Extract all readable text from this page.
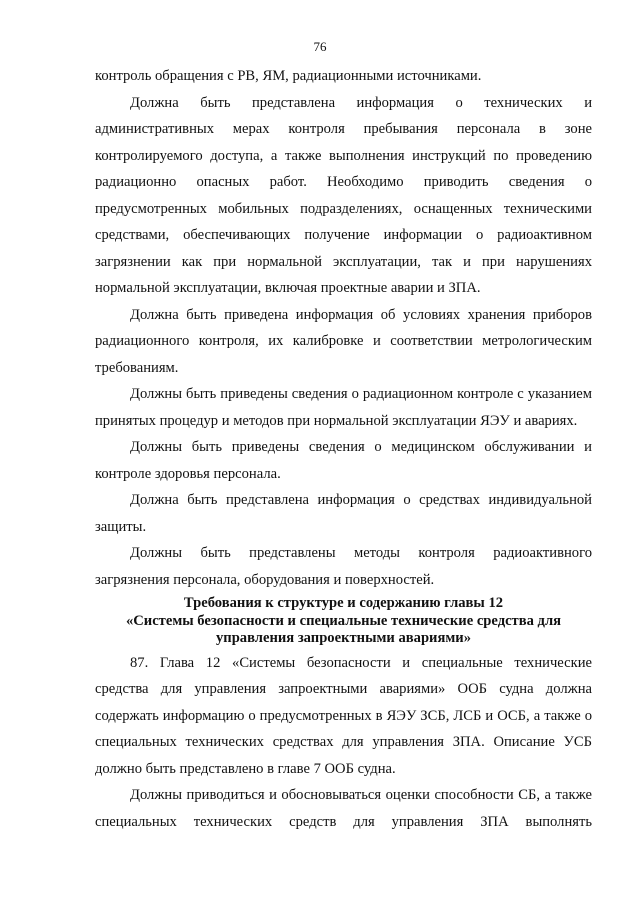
76

контроль обращения с РВ, ЯМ, радиационными источниками.

Должна быть представлена информация о технических и административных мерах контроля пребывания персонала в зоне контролируемого доступа, а также выполнения инструкций по проведению радиационно опасных работ. Необходимо приводить сведения о предусмотренных мобильных подразделениях, оснащенных техническими средствами, обеспечивающих получение информации о радиоактивном загрязнении как при нормальной эксплуатации, так и при нарушениях нормальной эксплуатации, включая проектные аварии и ЗПА.

Должна быть приведена информация об условиях хранения приборов радиационного контроля, их калибровке и соответствии метрологическим требованиям.

Должны быть приведены сведения о радиационном контроле с указанием принятых процедур и методов при нормальной эксплуатации ЯЭУ и авариях.

Должны быть приведены сведения о медицинском обслуживании и контроле здоровья персонала.

Должна быть представлена информация о средствах индивидуальной защиты.

Должны быть представлены методы контроля радиоактивного загрязнения персонала, оборудования и поверхностей.

Требования к структуре и содержанию главы 12
«Системы безопасности и специальные технические средства для
управления запроектными авариями»

87. Глава 12 «Системы безопасности и специальные технические средства для управления запроектными авариями» ООБ судна должна содержать информацию о предусмотренных в ЯЭУ ЗСБ, ЛСБ и ОСБ, а также о специальных технических средствах для управления ЗПА. Описание УСБ должно быть представлено в главе 7 ООБ судна.

Должны приводиться и обосновываться оценки способности СБ, а также специальных технических средств для управления ЗПА выполнять
